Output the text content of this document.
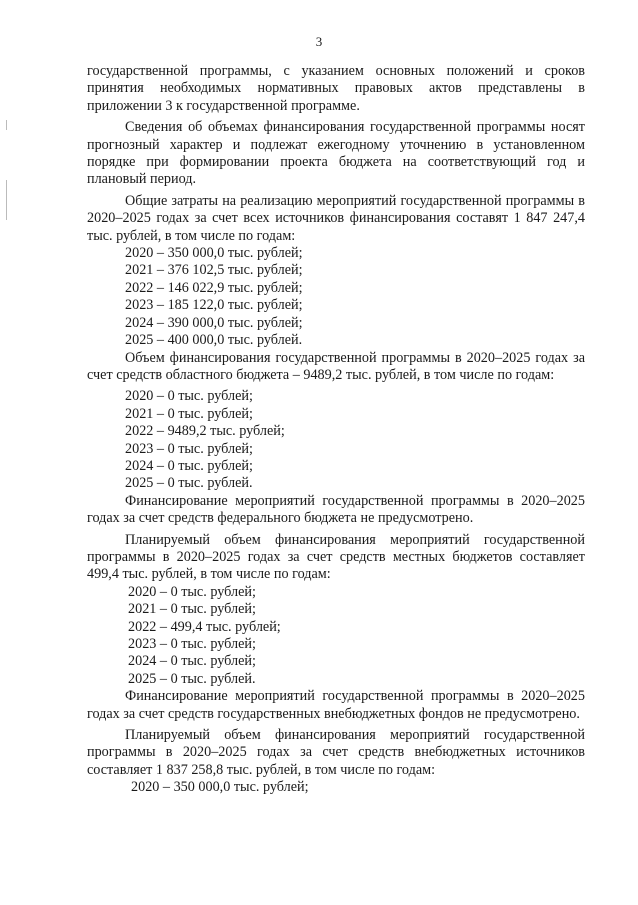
3

государственной программы, с указанием основных положений и сроков принятия необходимых нормативных правовых актов представлены в приложении 3 к государственной программе.

Сведения об объемах финансирования государственной программы носят прогнозный характер и подлежат ежегодному уточнению в установленном порядке при формировании проекта бюджета на соответствующий год и плановый период.

Общие затраты на реализацию мероприятий государственной программы в 2020–2025 годах за счет всех источников финансирования составят 1 847 247,4 тыс. рублей, в том числе по годам:

2020 – 350 000,0 тыс. рублей;
2021 – 376 102,5 тыс. рублей;
2022 – 146 022,9 тыс. рублей;
2023 – 185 122,0 тыс. рублей;
2024 – 390 000,0 тыс. рублей;
2025 – 400 000,0 тыс. рублей.

Объем финансирования государственной программы в 2020–2025 годах за счет средств областного бюджета – 9489,2 тыс. рублей, в том числе по годам:

2020 – 0 тыс. рублей;
2021 – 0 тыс. рублей;
2022 – 9489,2 тыс. рублей;
2023 – 0 тыс. рублей;
2024 – 0 тыс. рублей;
2025 – 0 тыс. рублей.

Финансирование мероприятий государственной программы в 2020–2025 годах за счет средств федерального бюджета не предусмотрено.

Планируемый объем финансирования мероприятий государственной программы в 2020–2025 годах за счет средств местных бюджетов составляет 499,4 тыс. рублей, в том числе по годам:

2020 – 0 тыс. рублей;
2021 – 0 тыс. рублей;
2022 – 499,4 тыс. рублей;
2023 – 0 тыс. рублей;
2024 – 0 тыс. рублей;
2025 – 0 тыс. рублей.

Финансирование мероприятий государственной программы в 2020–2025 годах за счет средств государственных внебюджетных фондов не предусмотрено.

Планируемый объем финансирования мероприятий государственной программы в 2020–2025 годах за счет средств внебюджетных источников составляет 1 837 258,8 тыс. рублей, в том числе по годам:

2020 – 350 000,0 тыс. рублей;
